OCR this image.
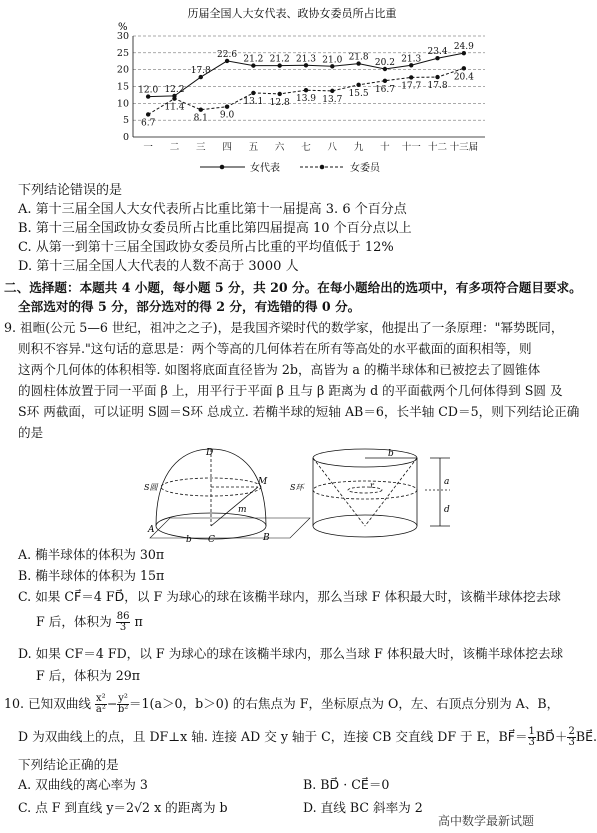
历届全国人大女代表、政协女委员所占比重
%
0
5
10
15
20
25
30
一 二 三 四 五 六 七 八 九 十 十一 十二 十三届
12.0 12.2
17.8
22.6 21.2 21.2 21.3 21.0 21.8
20.2 21.3
23.4
24.9
6.7
11.4
8.1 9.0
13.1 12.8 13.9 13.7
15.5 16.7 17.7 17.8
20.4
女代表	女委员
下列结论错误的是
A. 第十三届全国人大女代表所占比重比第十一届提高 3. 6 个百分点
B. 第十三届全国政协女委员所占比重比第四届提高 10 个百分点以上
C. 从第一到第十三届全国政协女委员所占比重的平均值低于 12%
D. 第十三届全国人大代表的人数不高于 3000 人
二、选择题：本题共 4 小题，每小题 5 分，共 20 分。在每小题给出的选项中，有多项符合题目要求。
全部选对的得 5 分，部分选对的得 2 分，有选错的得 0 分。
9. 祖暅(公元 5—6 世纪，祖冲之之子)，是我国齐梁时代的数学家，他提出了一条原理："幂势既同，
则积不容异."这句话的意思是：两个等高的几何体若在所有等高处的水平截面的面积相等，则
这两个几何体的体积相等. 如图将底面直径皆为 2b，高皆为 a 的椭半球体和已被挖去了圆锥体
的圆柱体放置于同一平面 β 上，用平行于平面 β 且与 β 距离为 d 的平面截两个几何体得到 S圆 及
S环 两截面，可以证明 S圆＝S环 总成立. 若椭半球的短轴 AB＝6，长半轴 CD＝5，则下列结论正确
的是
D
M
m
A
b C	B
S圆	S环
b
r	a
d
A. 椭半球体的体积为 30π
B. 椭半球体的体积为 15π
C. 如果 CF⃗＝4 FD⃗，以 F 为球心的球在该椭半球内，那么当球 F 体积最大时，该椭半球体挖去球
F 后，体积为 $\frac{86}{3}$ π
D. 如果 CF＝4 FD，以 F 为球心的球在该椭半球内，那么当球 F 体积最大时，该椭半球体挖去球
F 后，体积为 29π
10. 已知双曲线 $\frac{\text{x²}}{\text{a²}} - \frac{\text{y²}}{\text{b²}} =1(a>0$，b＞0) 的右焦点为 F，坐标原点为 O，左、右顶点分别为 A、B，
D 为双曲线上的点，且 DF⊥x 轴. 连接 AD 交 y 轴于 C，连接 CB 交直线 DF 于 E，BF⃗＝ $\frac{1}{3}$ BD⃗＋ $\frac{2}{3}$ BE⃗.
下列结论正确的是
A. 双曲线的离心率为 3	B. BD⃗ · CE⃗＝0
C. 点 F 到直线 y＝2√2 x 的距离为 b	D. 直线 BC 斜率为 2
高中数学最新试题
